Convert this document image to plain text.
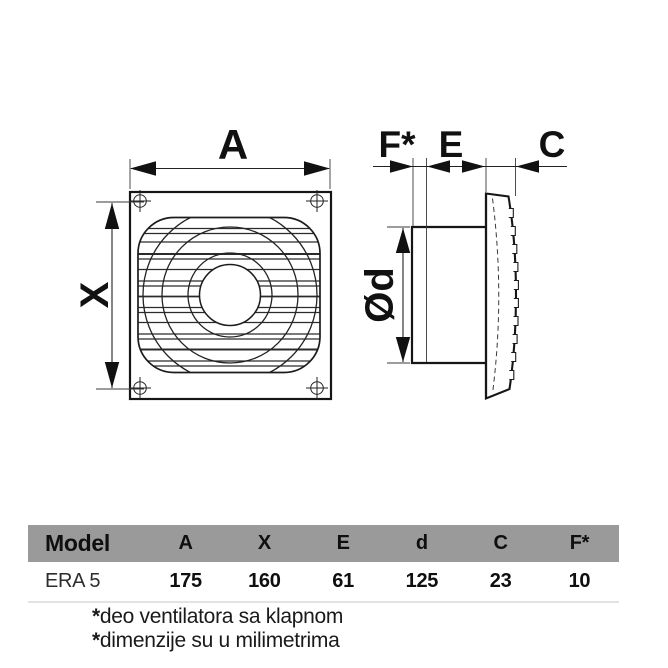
A
X
F* E C
Ød
Model	A	X	E	d	C	F*
ERA 5	175	160	61	125	23	10
*deo ventilatora sa klapnom
*dimenzije su u milimetrima
